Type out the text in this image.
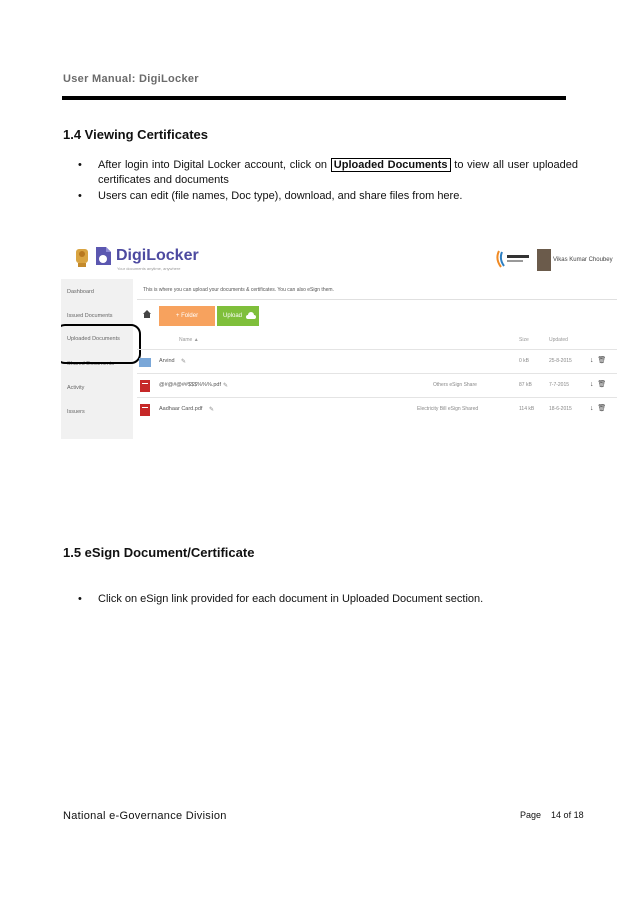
User Manual: DigiLocker
1.4 Viewing Certificates
• After login into Digital Locker account, click on Uploaded Documents to view all user uploaded certificates and documents
• Users can edit (file names, Doc type), download, and share files from here.
DigiLocker
Your documents anytime, anywhere
Vikas Kumar Choubey
Dashboard
Issued Documents
Uploaded Documents
Shared Documents
Activity
Issuers
This is where you can upload your documents & certificates. You can also eSign them.
+ Folder	Upload
Name ▲	Size	Updated
Arvind ✎	0 kB	25-8-2015	↓ 🗑
@#@#@##$$$%%%.pdf ✎	Others eSign Share	87 kB	7-7-2015	↓ 🗑
Aadhaar Card.pdf ✎	Electricity Bill eSign Shared	114 kB	18-6-2015	↓ 🗑
1.5 eSign Document/Certificate
• Click on eSign link provided for each document in Uploaded Document section.
National e-Governance Division	Page 14 of 18
